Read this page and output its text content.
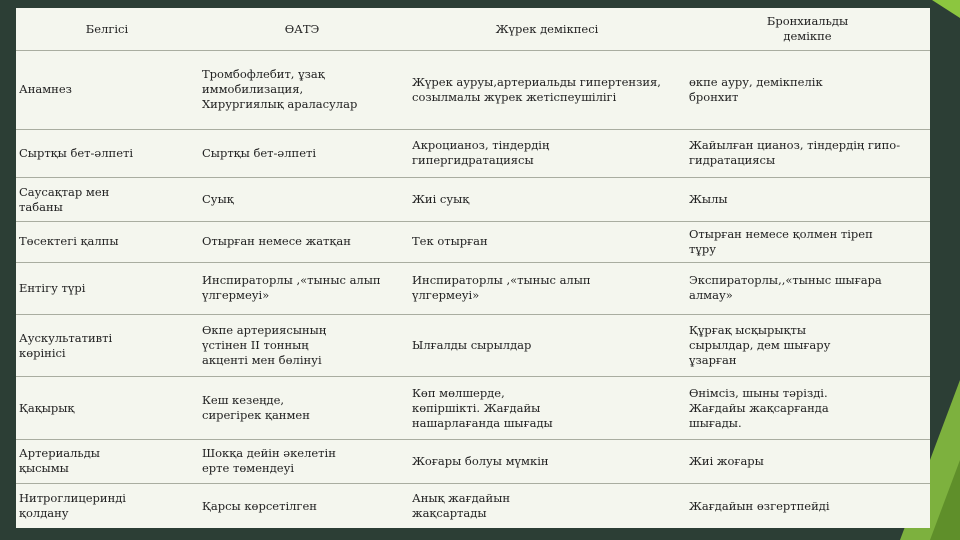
Белгісі	ӨАТЭ	Жүрек демікпесі	Бронхиальды
демікпе
Анамнез	Тромбофлебит, ұзақ
иммобилизация,
Хирургиялық араласулар	Жүрек ауруы,артериальды гипертензия,
созылмалы жүрек жетіспеушілігі	өкпе ауру, демікпелік
бронхит
Сыртқы бет-әлпеті	Сыртқы бет-әлпеті	Акроцианоз, тіндердің
гипергидратациясы	Жайылған цианоз, тіндердің гипо-
гидратациясы
Саусақтар мен
табаны	Суық	Жиі суық	Жылы
Төсектегі қалпы	Отырған немесе жатқан	Тек отырған	Отырған немесе қолмен тіреп
тұру
Ентігу түрі	Инспираторлы ,«тыныс алып
үлгермеуі»	Инспираторлы ,«тыныс алып
үлгермеуі»	Экспираторлы,,«тыныс шығара
алмау»
Аускультативті
көрінісі	Өкпе артериясының
үстінен II тонның
акценті мен бөлінуі	Ылғалды сырылдар	Құрғақ ысқырықты
сырылдар, дем шығару
ұзарған
Қақырық	Кеш кезеңде,
сирегірек қанмен	Көп мөлшерде,
көпіршікті. Жағдайы
нашарлағанда шығады	Өнімсіз, шыны тәрізді.
Жағдайы жақсарғанда
шығады.
Артериальды
қысымы	Шокқа дейін әкелетін
ерте төмендеуі	Жоғары болуы мүмкін	Жиі жоғары
Нитроглицеринді
қолдану	Қарсы көрсетілген	Анық жағдайын
жақсартады	Жағдайын өзгертпейді
